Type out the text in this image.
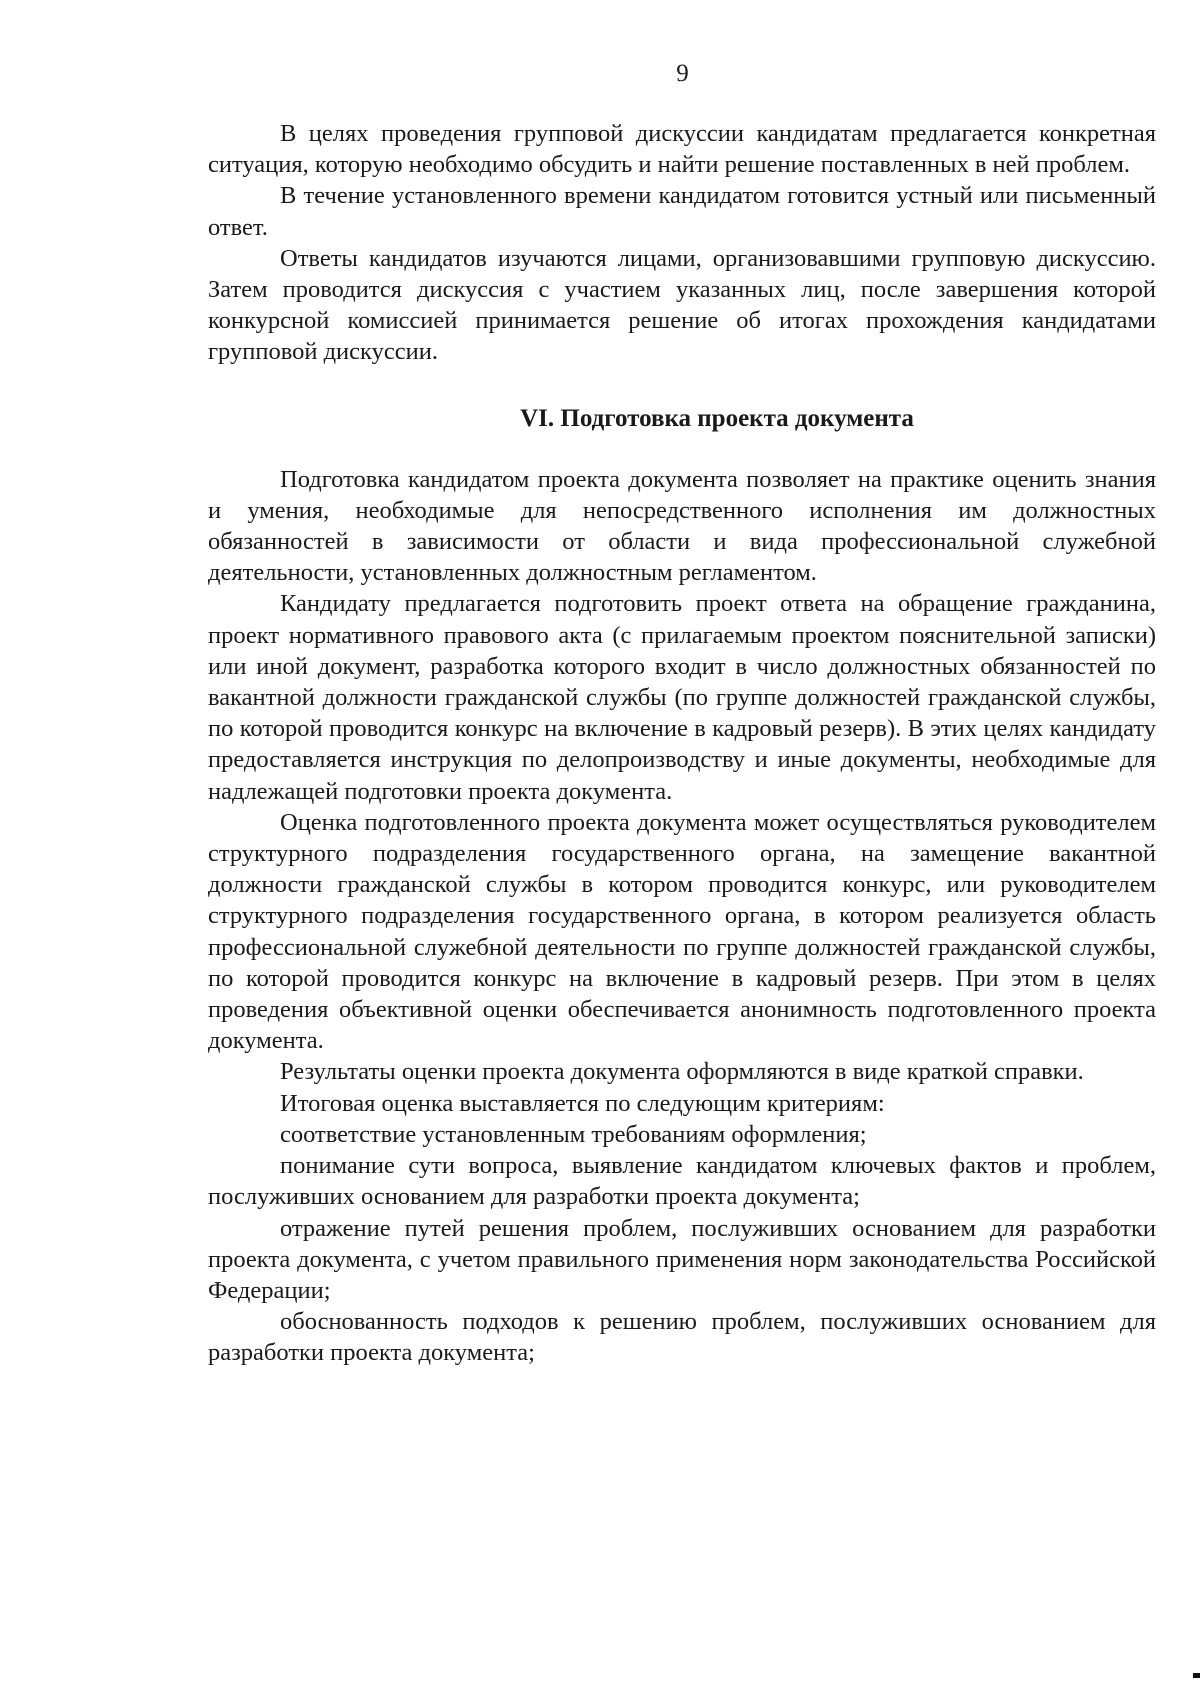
9

В целях проведения групповой дискуссии кандидатам предлагается конкретная ситуация, которую необходимо обсудить и найти решение поставленных в ней проблем.

В течение установленного времени кандидатом готовится устный или письменный ответ.

Ответы кандидатов изучаются лицами, организовавшими групповую дискуссию. Затем проводится дискуссия с участием указанных лиц, после завершения которой конкурсной комиссией принимается решение об итогах прохождения кандидатами групповой дискуссии.

VI. Подготовка проекта документа

Подготовка кандидатом проекта документа позволяет на практике оценить знания и умения, необходимые для непосредственного исполнения им должностных обязанностей в зависимости от области и вида профессиональной служебной деятельности, установленных должностным регламентом.

Кандидату предлагается подготовить проект ответа на обращение гражданина, проект нормативного правового акта (с прилагаемым проектом пояснительной записки) или иной документ, разработка которого входит в число должностных обязанностей по вакантной должности гражданской службы (по группе должностей гражданской службы, по которой проводится конкурс на включение в кадровый резерв). В этих целях кандидату предоставляется инструкция по делопроизводству и иные документы, необходимые для надлежащей подготовки проекта документа.

Оценка подготовленного проекта документа может осуществляться руководителем структурного подразделения государственного органа, на замещение вакантной должности гражданской службы в котором проводится конкурс, или руководителем структурного подразделения государственного органа, в котором реализуется область профессиональной служебной деятельности по группе должностей гражданской службы, по которой проводится конкурс на включение в кадровый резерв. При этом в целях проведения объективной оценки обеспечивается анонимность подготовленного проекта документа.

Результаты оценки проекта документа оформляются в виде краткой справки.

Итоговая оценка выставляется по следующим критериям:

соответствие установленным требованиям оформления;

понимание сути вопроса, выявление кандидатом ключевых фактов и проблем, послуживших основанием для разработки проекта документа;

отражение путей решения проблем, послуживших основанием для разработки проекта документа, с учетом правильного применения норм законодательства Российской Федерации;

обоснованность подходов к решению проблем, послуживших основанием для разработки проекта документа;
